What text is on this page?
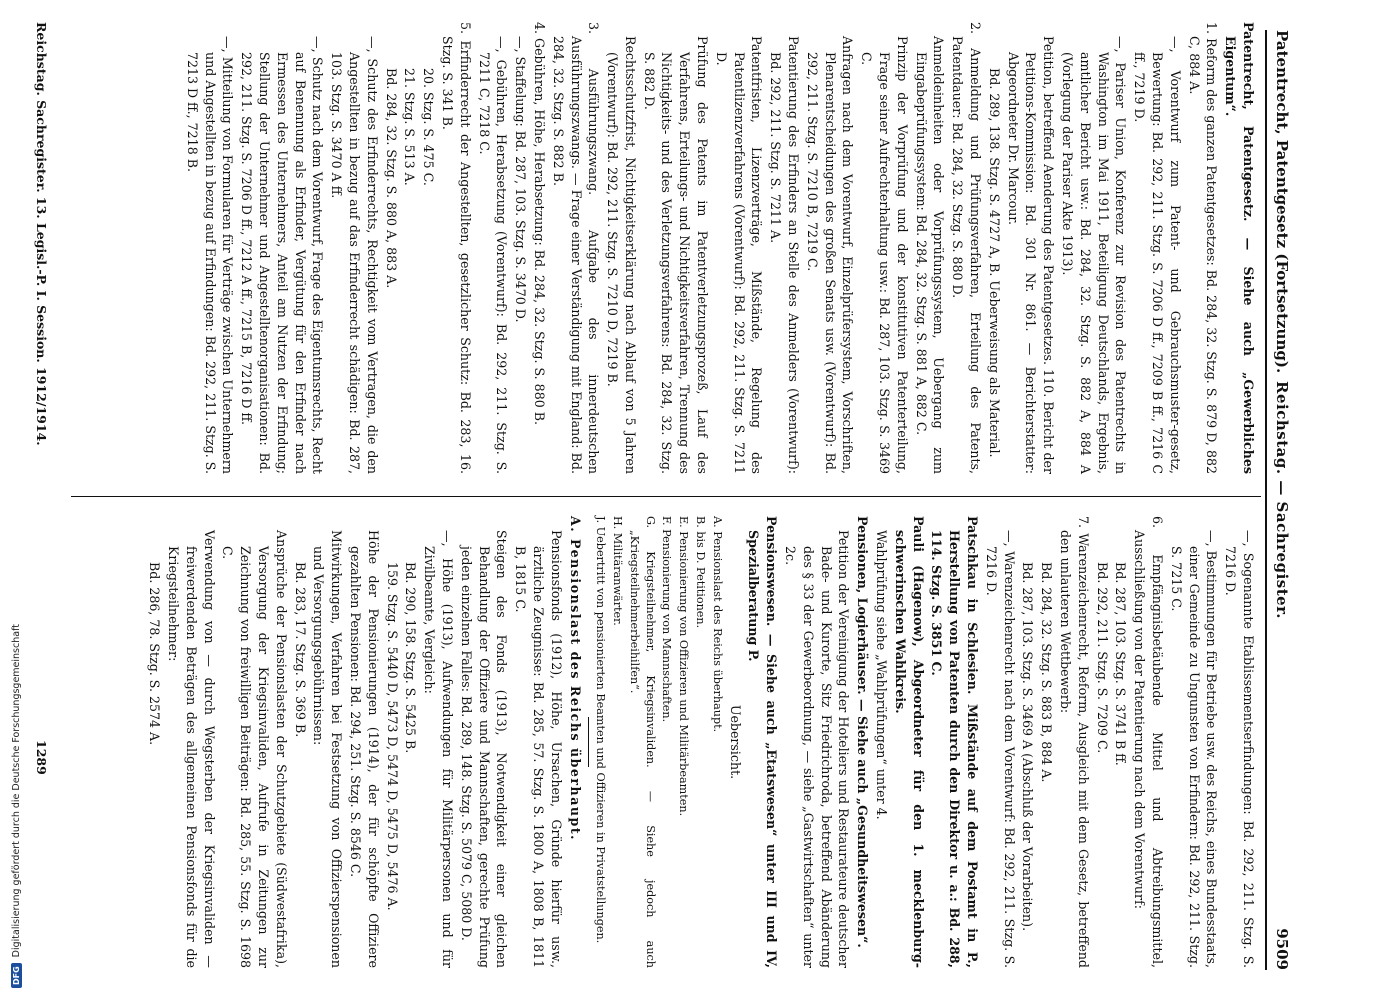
Patentrecht, Patentgesetz (Fortsetzung).
Reichstag. — Sachregister.
9509

Patentrecht, Patentgesetz. — Siehe auch „Gewerbliches Eigentum“.

1. Reform des ganzen Patentgesetzes: Bd. 284, 32. Stzg. S. 879 D, 882 C, 884 A.

—, Vorentwurf zum Patent- und Gebrauchsmuster-gesetz, Bewertung: Bd. 292, 211. Stzg. S. 7206 D ff., 7209 B ff., 7216 C ff., 7219 D.

—, Pariser Union, Konferenz zur Revision des Patentrechts in Washington im Mai 1911, Beteiligung Deutschlands, Ergebnis, amtlicher Bericht usw.: Bd. 284, 32. Stzg. S. 882 A, 884 A (Vorlegung der Pariser Akte 1913).

Petition, betreffend Aenderung des Patentgesetzes. 110. Bericht der Petitions-Kommission: Bd. 301 Nr. 861. — Berichterstatter: Abgeordneter Dr. Marcour.

Bd. 289, 138. Stzg. S. 4727 A, B. Ueberweisung als Material.

2. Anmeldung und Prüfungsverfahren, Erteilung des Patents, Patentdauer: Bd. 284, 32. Stzg. S. 880 D.

Anmeldeinheiten oder Vorprüfungssystem, Uebergang zum Eingabeprüfungssystem: Bd. 284, 32. Stzg. S. 881 A, 882 C.

Prinzip der Vorprüfung und der konstitutiven Patenterteilung, Frage seiner Aufrechterhaltung usw.: Bd. 287, 103. Stzg. S. 3469 C.

Anfragen nach dem Vorentwurf, Einzelprüfersystem, Vorschriften, Plenarentscheidungen des großen Senats usw. (Vorentwurf): Bd. 292, 211. Stzg. S. 7210 B, 7219 C.

Patentierung des Erfinders an Stelle des Anmelders (Vorentwurf): Bd. 292, 211. Stzg. S. 7211 A.

Patentfristen, Lizenzverträge, Mißstände, Regelung des Patentlizenzverfahrens (Vorentwurf): Bd. 292, 211. Stzg. S. 7211 D.

Prüfung des Patents im Patentverletzungsprozeß, Lauf des Verfahrens, Erteilungs- und Nichtigkeitsverfahren, Trennung des Nichtigkeits- und des Verletzungsverfahrens: Bd. 284, 32. Stzg. S. 882 D.

Rechtsschutzfrist, Nichtigkeitserklärung nach Ablauf von 5 Jahren (Vorentwurf): Bd. 292, 211. Stzg. S. 7210 D, 7219 B.

3. Ausführungszwang. Aufgabe des innerdeutschen Ausführungszwangs. — Frage einer Verständigung mit England: Bd. 284, 32. Stzg. S. 882 B.

4. Gebühren, Höhe, Herabsetzung: Bd. 284, 32. Stzg. S. 880 B.

—, Staffelung: Bd. 287, 103. Stzg. S. 3470 D.

—, Gebühren, Herabsetzung (Vorentwurf): Bd. 292, 211. Stzg. S. 7211 C, 7218 C.

5. Erfinderrecht der Angestellten, gesetzlicher Schutz: Bd. 283, 16. Stzg. S. 341 B.

20. Stzg. S. 475 C.

21. Stzg. S. 513 A.

Bd. 284, 32. Stzg. S. 880 A, 883 A.

—, Schutz des Erfinderrechts, Rechtigkeit vom Vertragen, die den Angestellten in bezug auf das Erfinderrecht schädigen: Bd. 287, 103. Stzg. S. 3470 A ff.

—, Schutz nach dem Vorentwurf, Frage des Eigentumsrechts, Recht auf Benennung als Erfinder, Vergütung für den Erfinder nach Ermessen des Unternehmers, Anteil am Nutzen der Erfindung; Stellung der Unternehmer und Angestelltenorganisationen: Bd. 292, 211. Stzg. S. 7206 D ff., 7212 A ff., 7215 B, 7216 D ff.

—, Mitteilung von Formularen für Verträge zwischen Unternehmern und Angestellten in bezug auf Erfindungen: Bd. 292, 211. Stzg. S. 7213 D ff., 7218 B.

—, Sogenannte Etablissementserfindungen: Bd. 292, 211. Stzg. S. 7216 D.

—, Bestimmungen für Betriebe usw. des Reichs, eines Bundesstaats, einer Gemeinde zu Ungunsten von Erfindern: Bd. 292, 211. Stzg. S. 7215 C.

6. Empfängnisbetäubende Mittel und Abtreibungsmittel, Ausschließung von der Patentierung nach dem Vorentwurf:

Bd. 287, 103. Stzg. S. 3741 B ff.

Bd. 292, 211. Stzg. S. 7209 C.

7. Warenzeichenrecht, Reform, Ausgleich mit dem Gesetz, betreffend den unlauteren Wettbewerb:

Bd. 284, 32. Stzg. S. 883 B, 884 A.

Bd. 287, 103. Stzg. S. 3469 A (Abschluß der Vorarbeiten).

—, Warenzeichenrecht nach dem Vorentwurf: Bd. 292, 211. Stzg. S. 7216 D.

Patschkau in Schlesien. Mißstände auf dem Postamt in P., Herstellung von Patenten durch den Direktor u. a.: Bd. 288, 114. Stzg. S. 3851 C.

Pauli (Hagenow), Abgeordneter für den 1. mecklenburg-schwerinschen Wahlkreis.

Wahlprüfung siehe „Wahlprüfungen“ unter 4.

Pensionen, Logierhäuser. — Siehe auch „Gesundheitswesen“.

Petition der Vereinigung der Hoteliers und Restaurateure deutscher Bade- und Kurorte, Sitz Friedrichroda, betreffend Abänderung des § 33 der Gewerbeordnung, — siehe „Gastwirtschaften“ unter 2c.

Pensionswesen. — Siehe auch „Etatswesen“ unter III und IV, Spezialberatung P.

Uebersicht.

A. Pensionslast des Reichs überhaupt.

B. bis D. Petitionen.

E. Pensionierung von Offizieren und Militärbeamten.

F. Pensionierung von Mannschaften.

G. Kriegsteilnehmer, Kriegsinvaliden. — Siehe jedoch auch „Kriegsteilnehmerbeihilfen“.

H. Militäranwärter.

J. Uebertritt von pensionierten Beamten und Offizieren in Privatstellungen.

A. Pensionslast des Reichs überhaupt.

Pensionsfonds (1912), Höhe, Ursachen, Gründe hierfür usw., ärztliche Zeugnisse: Bd. 285, 57. Stzg. S. 1800 A, 1808 B, 1811 B, 1815 C.

Steigen des Fonds (1913), Notwendigkeit einer gleichen Behandlung der Offiziere und Mannschaften, gerechte Prüfung jeden einzelnen Falles: Bd. 289, 148. Stzg. S. 5079 C, 5080 D.

—, Höhe (1913), Aufwendungen für Militärpersonen und für Zivilbeamte, Vergleich:

Bd. 290, 158. Stzg. S. 5425 B.

159. Stzg. S. 5440 D, 5473 D, 5474 D, 5475 D, 5476 A.

Höhe der Pensionierungen (1914), der für schöpfte Offiziere gezahlten Pensionen: Bd. 294, 251. Stzg. S. 8546 C.

Mitwirkungen, Verfahren bei Festsetzung von Offizierspensionen und Versorgungsgebührnissen:

Bd. 283, 17. Stzg. S. 369 B.

Ansprüche der Pensionslasten der Schutzgebiete (Südwestafrika), Versorgung der Kriegsinvaliden, Aufrufe in Zeitungen zur Zeichnung von freiwilligen Beiträgen: Bd. 285, 55. Stzg. S. 1698 C.

Verwendung von — durch Wegsterben der Kriegsinvaliden — freiwerdenden Beträgen des allgemeinen Pensionsfonds für die Kriegsteilnehmer:

Bd. 286, 78. Stzg. S. 2574 A.

Reichstag. Sachregister. 13. Legisl.-P. I. Session. 1912/1914.
1289
DFGDigitalisierung gefördert durch die Deutsche Forschungsgemeinschaft
